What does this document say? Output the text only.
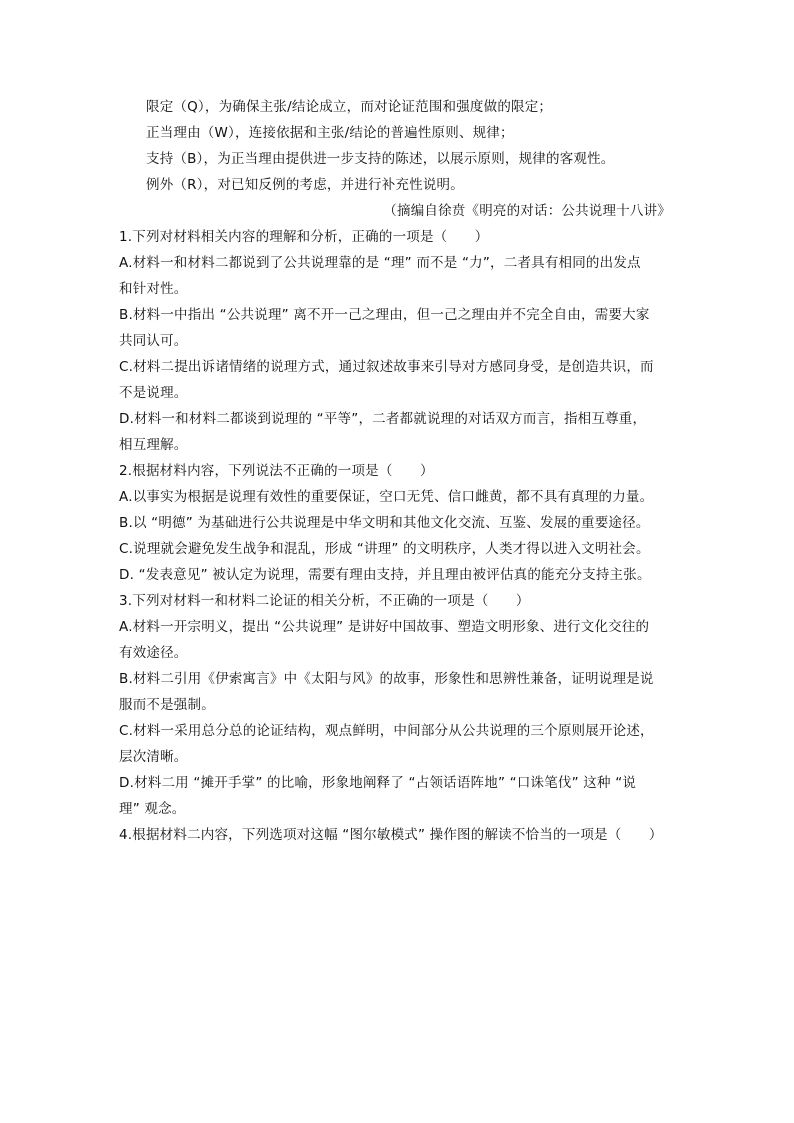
限定（Q），为确保主张/结论成立，而对论证范围和强度做的限定；
正当理由（W），连接依据和主张/结论的普遍性原则、规律；
支持（B），为正当理由提供进一步支持的陈述，以展示原则，规律的客观性。
例外（R），对已知反例的考虑，并进行补充性说明。
（摘编自徐贲《明亮的对话：公共说理十八讲》
1.下列对材料相关内容的理解和分析，正确的一项是（　　）
A.材料一和材料二都说到了公共说理靠的是 “理” 而不是 “力”，二者具有相同的出发点
和针对性。
B.材料一中指出 “公共说理” 离不开一己之理由，但一己之理由并不完全自由，需要大家
共同认可。
C.材料二提出诉诸情绪的说理方式，通过叙述故事来引导对方感同身受，是创造共识，而
不是说理。
D.材料一和材料二都谈到说理的 “平等”，二者都就说理的对话双方而言，指相互尊重，
相互理解。
2.根据材料内容，下列说法不正确的一项是（　　）
A.以事实为根据是说理有效性的重要保证，空口无凭、信口雌黄，都不具有真理的力量。
B.以 “明德” 为基础进行公共说理是中华文明和其他文化交流、互鉴、发展的重要途径。
C.说理就会避免发生战争和混乱，形成 “讲理” 的文明秩序，人类才得以进入文明社会。
D. “发表意见” 被认定为说理，需要有理由支持，并且理由被评估真的能充分支持主张。
3.下列对材料一和材料二论证的相关分析，不正确的一项是（　　）
A.材料一开宗明义，提出 “公共说理” 是讲好中国故事、塑造文明形象、进行文化交往的
有效途径。
B.材料二引用《伊索寓言》中《太阳与风》的故事，形象性和思辨性兼备，证明说理是说
服而不是强制。
C.材料一采用总分总的论证结构，观点鲜明，中间部分从公共说理的三个原则展开论述，
层次清晰。
D.材料二用 “摊开手掌” 的比喻，形象地阐释了 “占领话语阵地” “口诛笔伐” 这种 “说
理” 观念。
4.根据材料二内容，下列选项对这幅 “图尔敏模式” 操作图的解读不恰当的一项是（　　）
